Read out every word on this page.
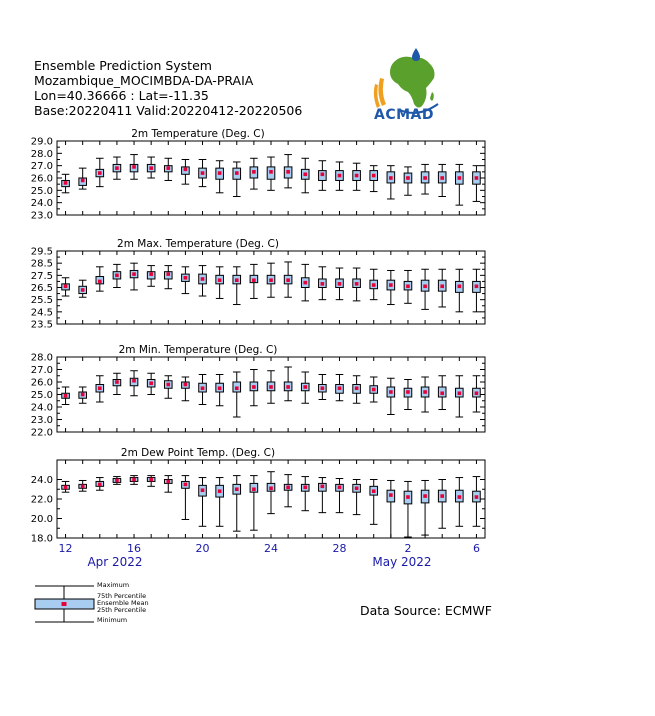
Ensemble Prediction System
Mozambique_MOCIMBDA-DA-PRAIA
Lon=40.36666 : Lat=-11.35
Base:20220411 Valid:20220412-20220506	ACMAD
2m Temperature (Deg. C)
29.0
28.0
27.0
26.0
25.0
24.0
23.0
2m Max. Temperature (Deg. C)
29.5
28.5
27.5
26.5
25.5
24.5
23.5
2m Min. Temperature (Deg. C)
28.0
27.0
26.0
25.0
24.0
23.0
22.0
2m Dew Point Temp. (Deg. C)
24.0
22.0
20.0
18.0
12	16	20	24	28	2	6
Apr 2022	May 2022
Maximum
75th Percentile
Ensemble Mean
25th Percentile
Minimum
Data Source: ECMWF
